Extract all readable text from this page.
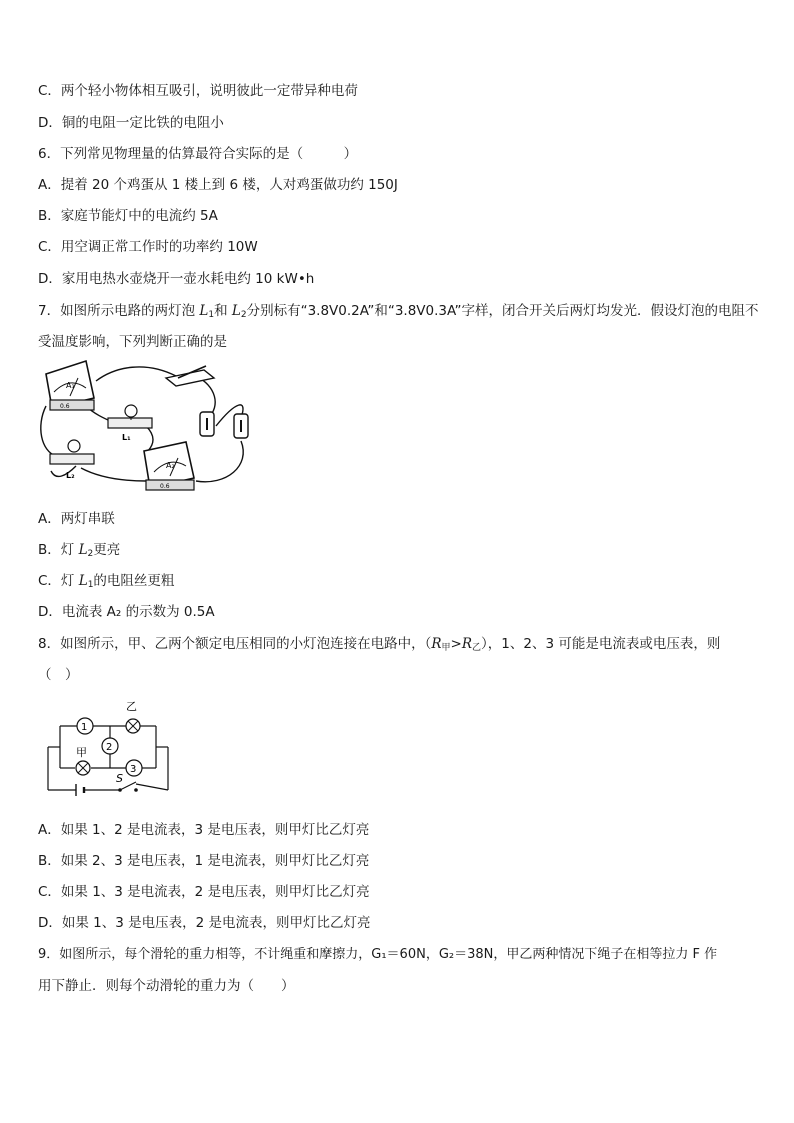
C．两个轻小物体相互吸引，说明彼此一定带异种电荷
D．铜的电阻一定比铁的电阻小
6．下列常见物理量的估算最符合实际的是（　　　）
A．提着 20 个鸡蛋从 1 楼上到 6 楼，人对鸡蛋做功约 150J
B．家庭节能灯中的电流约 5A
C．用空调正常工作时的功率约 10W
D．家用电热水壶烧开一壶水耗电约 10 kW•h
7．如图所示电路的两灯泡 $L_1$和 $L_2$分别标有“3.8V0.2A”和“3.8V0.3A”字样，闭合开关后两灯均发光．假设灯泡的电阻不
受温度影响，下列判断正确的是
A₁
0.6
L₁
L₂
A₂
0.6
A．两灯串联
B．灯 $L_2$更亮
C．灯 $L_1$的电阻丝更粗
D．电流表 A₂ 的示数为 0.5A
8．如图所示，甲、乙两个额定电压相同的小灯泡连接在电路中，$(R_甲>R_乙)$，1、2、3 可能是电流表或电压表，则
（　）
S
1
乙
2
甲
3
A．如果 1、2 是电流表，3 是电压表，则甲灯比乙灯亮
B．如果 2、3 是电压表，1 是电流表，则甲灯比乙灯亮
C．如果 1、3 是电流表，2 是电压表，则甲灯比乙灯亮
D．如果 1、3 是电压表，2 是电流表，则甲灯比乙灯亮
9．如图所示，每个滑轮的重力相等，不计绳重和摩擦力，G₁＝60N，G₂＝38N，甲乙两种情况下绳子在相等拉力 F 作
用下静止．则每个动滑轮的重力为（　　）
